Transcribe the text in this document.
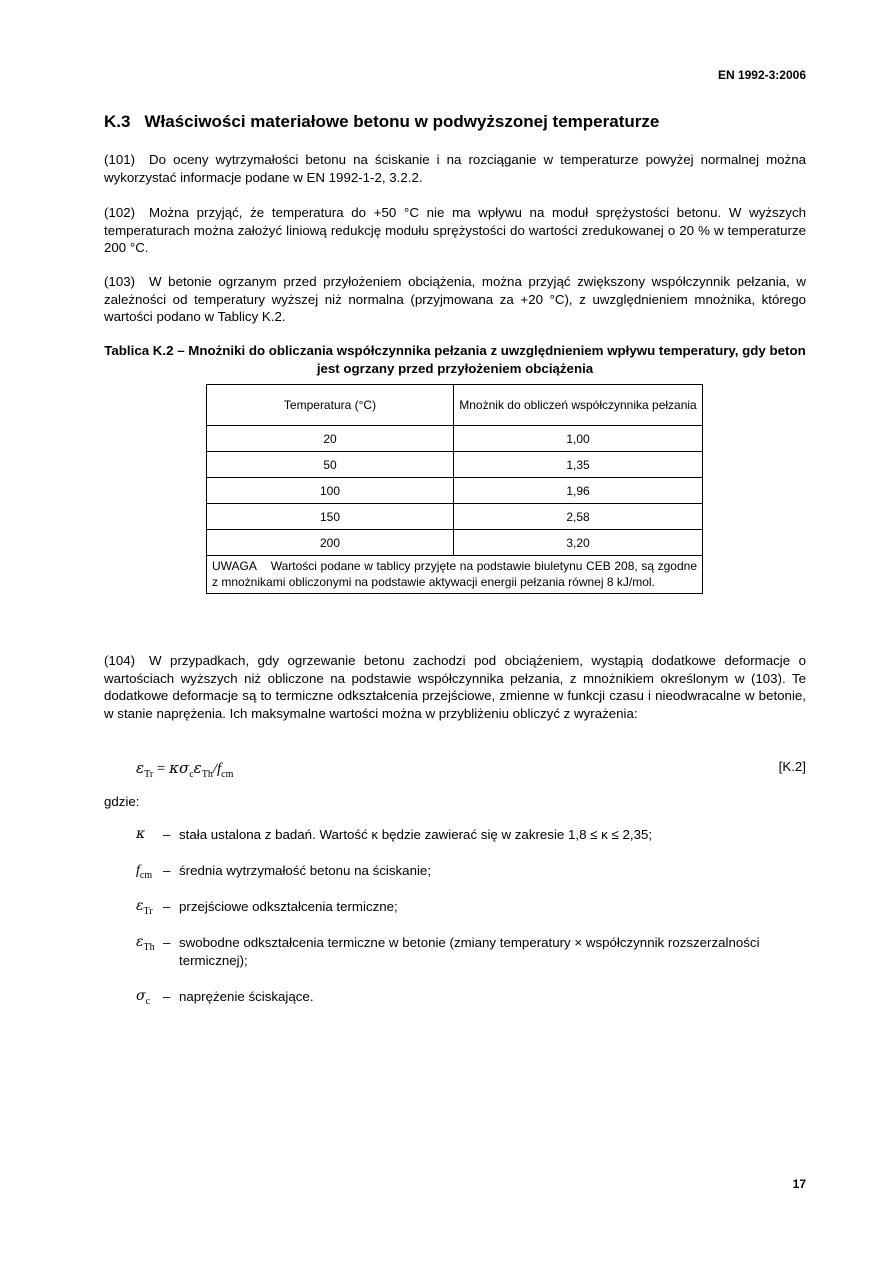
EN 1992-3:2006
K.3 Właściwości materiałowe betonu w podwyższonej temperaturze
(101) Do oceny wytrzymałości betonu na ściskanie i na rozciąganie w temperaturze powyżej normalnej można wykorzystać informacje podane w EN 1992-1-2, 3.2.2.
(102) Można przyjąć, że temperatura do +50 °C nie ma wpływu na moduł sprężystości betonu. W wyższych temperaturach można założyć liniową redukcję modułu sprężystości do wartości zredukowanej o 20 % w temperaturze 200 °C.
(103) W betonie ogrzanym przed przyłożeniem obciążenia, można przyjąć zwiększony współczynnik pełzania, w zależności od temperatury wyższej niż normalna (przyjmowana za +20 °C), z uwzględnieniem mnożnika, którego wartości podano w Tablicy K.2.
Tablica K.2 – Mnożniki do obliczania współczynnika pełzania z uwzględnieniem wpływu temperatury, gdy beton jest ogrzany przed przyłożeniem obciążenia
Temperatura (°C)	Mnożnik do obliczeń współczynnika pełzania
20	1,00
50	1,35
100	1,96
150	2,58
200	3,20
UWAGA    Wartości podane w tablicy przyjęte na podstawie biuletynu CEB 208, są zgodne z mnożnikami obliczonymi na podstawie aktywacji energii pełzania równej 8 kJ/mol.	
(104) W przypadkach, gdy ogrzewanie betonu zachodzi pod obciążeniem, wystąpią dodatkowe deformacje o wartościach wyższych niż obliczone na podstawie współczynnika pełzania, z mnożnikiem określonym w (103). Te dodatkowe deformacje są to termiczne odkształcenia przejściowe, zmienne w funkcji czasu i nieodwracalne w betonie, w stanie naprężenia. Ich maksymalne wartości można w przybliżeniu obliczyć z wyrażenia:
$\varepsilon_{Tr} = \kappa\sigma_c\varepsilon_{Th}/f_{cm}$
[K.2]
gdzie:
κ	– stała ustalona z badań. Wartość κ będzie zawierać się w zakresie 1,8 ≤ κ ≤ 2,35;
$f_{cm}$ – średnia wytrzymałość betonu na ściskanie;
$\varepsilon_{Tr}$ – przejściowe odkształcenia termiczne;
$\varepsilon_{Th}$ – swobodne odkształcenia termiczne w betonie (zmiany temperatury × współczynnik rozszerzalności termicznej);
$\sigma_c$ – naprężenie ściskające.
17
